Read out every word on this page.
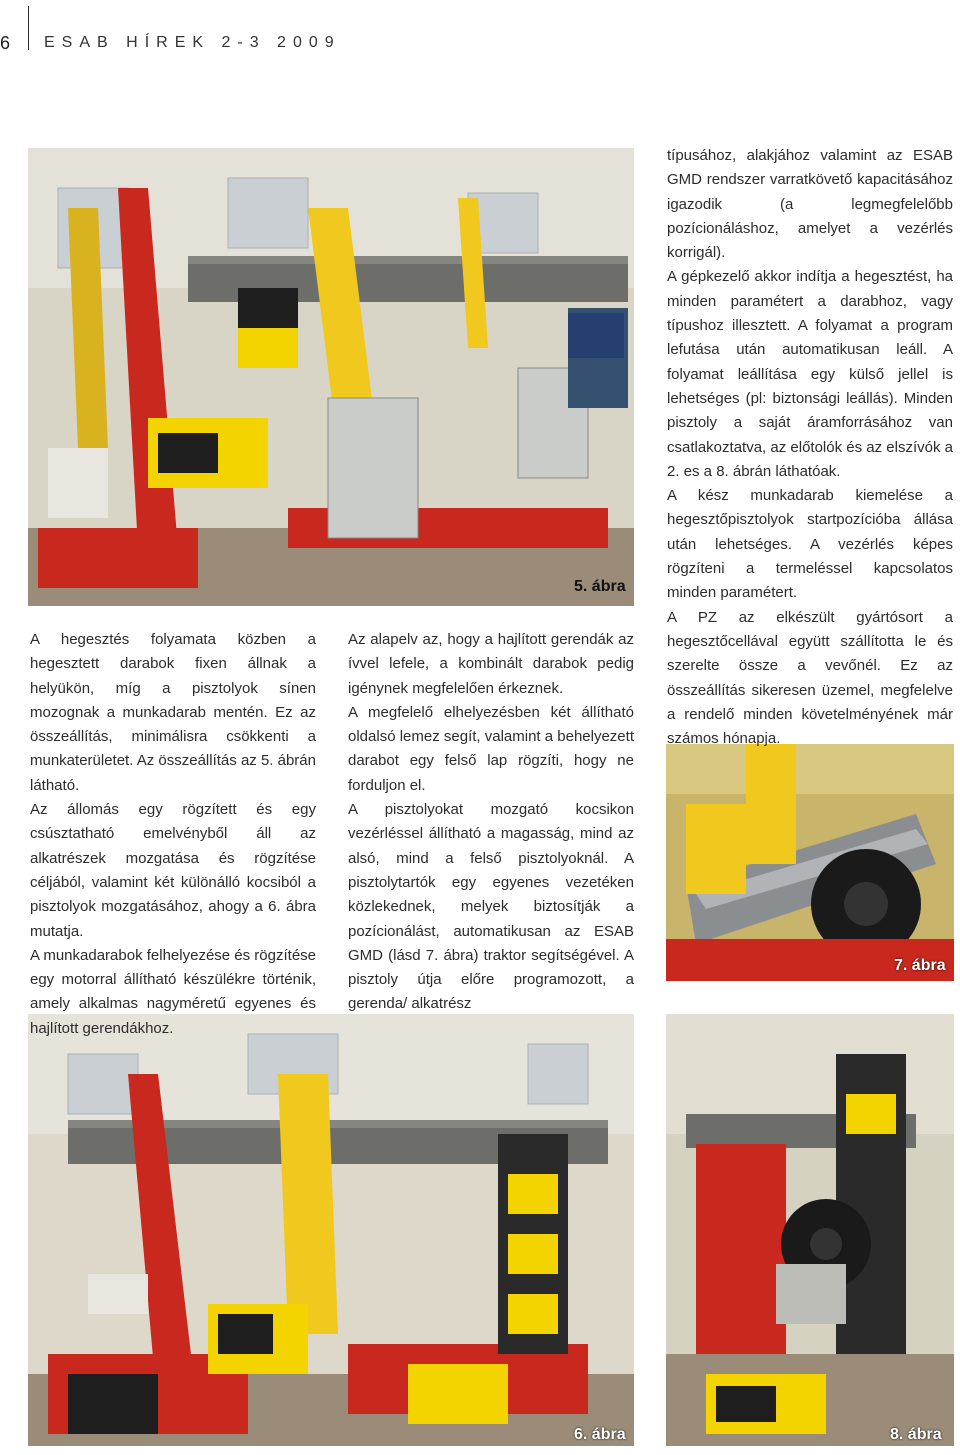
6 ESAB HÍREK 2-3 2009
5. ábra
7. ábra
6. ábra	8. ábra

A hegesztés folyamata közben a hegesztett darabok fixen állnak a helyükön, míg a pisztolyok sínen mozognak a munkadarab mentén. Ez az összeállítás, minimálisra csökkenti a munkaterületet. Az összeállítás az 5. ábrán látható.

Az állomás egy rögzített és egy csúsztatható emelvényből áll az alkatrészek mozgatása és rögzítése céljából, valamint két különálló kocsiból a pisztolyok mozgatásához, ahogy a 6. ábra mutatja.

A munkadarabok felhelyezése és rögzítése egy motorral állítható készülékre történik, amely alkalmas nagyméretű egyenes és hajlított gerendákhoz.

Az alapelv az, hogy a hajlított gerendák az ívvel lefele, a kombinált darabok pedig igénynek megfelelően érkeznek.

A megfelelő elhelyezésben két állítható oldalsó lemez segít, valamint a behelyezett darabot egy felső lap rögzíti, hogy ne forduljon el.

A pisztolyokat mozgató kocsikon vezérléssel állítható a magasság, mind az alsó, mind a felső pisztolyoknál. A pisztolytartók egy egyenes vezetéken közlekednek, melyek biztosítják a pozícionálást, automatikusan az ESAB GMD (lásd 7. ábra) traktor segítségével. A pisztoly útja előre programozott, a gerenda/ alkatrész

típusához, alakjához valamint az ESAB GMD rendszer varratkövető kapacitásához igazodik (a legmegfelelőbb pozícionáláshoz, amelyet a vezérlés korrigál).

A gépkezelő akkor indítja a hegesztést, ha minden paramétert a darabhoz, vagy típushoz illesztett. A folyamat a program lefutása után automatikusan leáll. A folyamat leállítása egy külső jellel is lehetséges (pl: biztonsági leállás). Minden pisztoly a saját áramforrásához van csatlakoztatva, az előtolók és az elszívók a 2. es a 8. ábrán láthatóak.

A kész munkadarab kiemelése a hegesztőpisztolyok startpozícióba állása után lehetséges. A vezérlés képes rögzíteni a termeléssel kapcsolatos minden paramétert.

A PZ az elkészült gyártósort a hegesztőcellával együtt szállította le és szerelte össze a vevőnél. Ez az összeállítás sikeresen üzemel, megfelelve a rendelő minden követelményének már számos hónapja.
